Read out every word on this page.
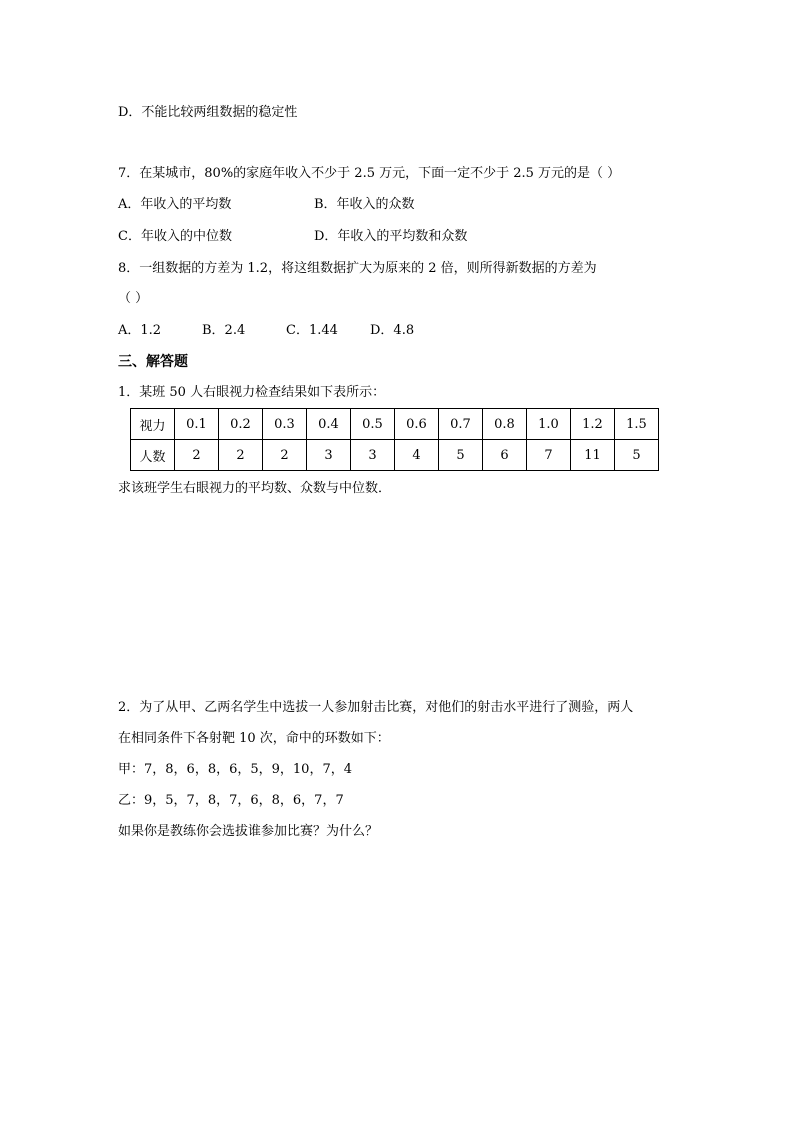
D．不能比较两组数据的稳定性
7．在某城市，80%的家庭年收入不少于 2.5 万元，下面一定不少于 2.5 万元的是（ ）
A．年收入的平均数	B．年收入的众数
C．年收入的中位数	D．年收入的平均数和众数
8．一组数据的方差为 1.2，将这组数据扩大为原来的 2 倍，则所得新数据的方差为
（ ）
A．1.2	B．2.4	C．1.44 D．4.8
三、解答题
1．某班 50 人右眼视力检查结果如下表所示：
视力	0.1	0.2	0.3	0.4	0.5	0.6	0.7	0.8	1.0	1.2	1.5
人数	2	2	2	3	3	4	5	6	7	11	5
求该班学生右眼视力的平均数、众数与中位数．
2．为了从甲、乙两名学生中选拔一人参加射击比赛，对他们的射击水平进行了测验，两人
在相同条件下各射靶 10 次，命中的环数如下：
甲：7，8，6，8，6，5，9，10，7，4
乙：9，5，7，8，7，6，8，6，7，7
如果你是教练你会选拔谁参加比赛？为什么？
